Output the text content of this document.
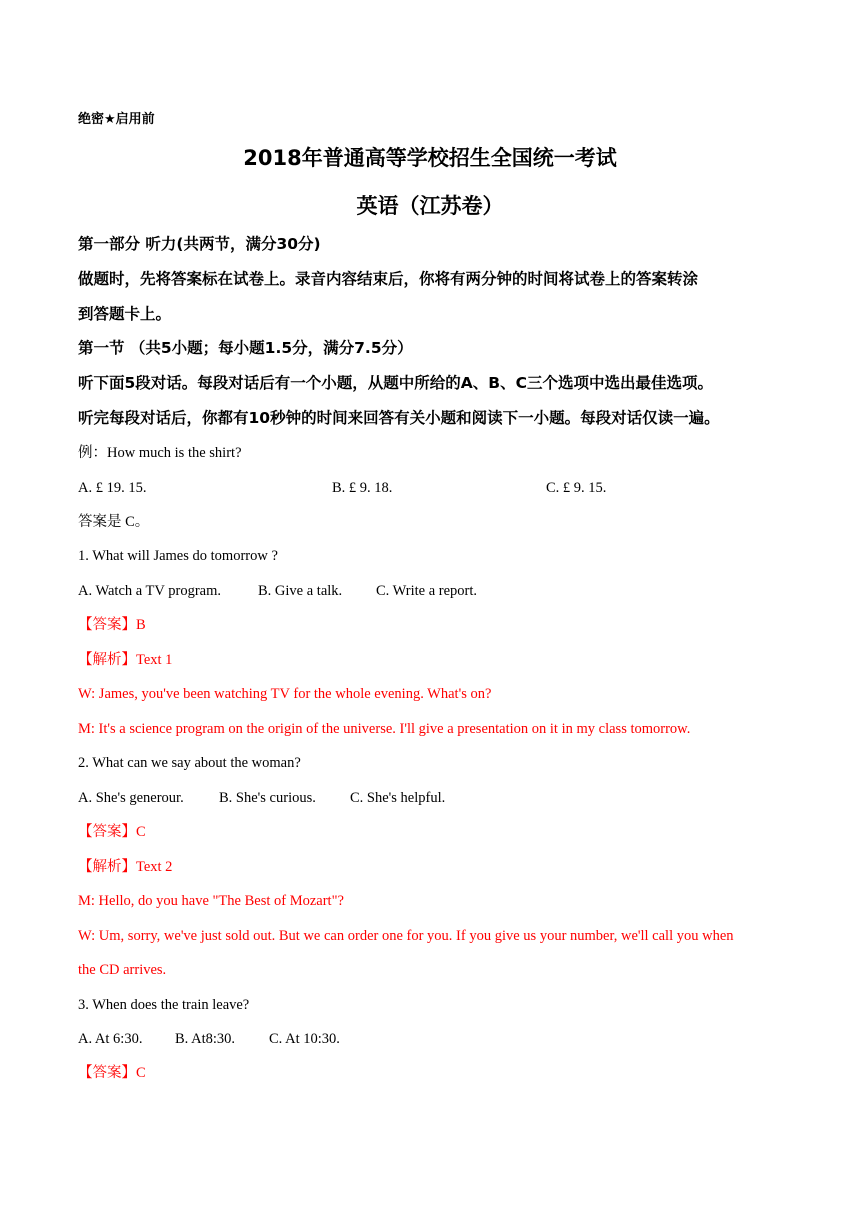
绝密★启用前
2018年普通高等学校招生全国统一考试
英语（江苏卷）
第一部分 听力(共两节，满分30分)
做题时，先将答案标在试卷上。录音内容结束后，你将有两分钟的时间将试卷上的答案转涂
到答题卡上。
第一节 （共5小题；每小题1.5分，满分7.5分）
听下面5段对话。每段对话后有一个小题，从题中所给的A、B、C三个选项中选出最佳选项。
听完每段对话后，你都有10秒钟的时间来回答有关小题和阅读下一小题。每段对话仅读一遍。
例：How much is the shirt?
A. £ 19. 15.	B. £ 9. 18.	C. £ 9. 15.
答案是 C。
1. What will James do tomorrow ?
A. Watch a TV program.	B. Give a talk. C. Write a report.
【答案】B
【解析】Text 1
W: James, you've been watching TV for the whole evening. What's on?
M: It's a science program on the origin of the universe. I'll give a presentation on it in my class tomorrow.
2. What can we say about the woman?
A. She's generour. B. She's curious. C. She's helpful.
【答案】C
【解析】Text 2
M: Hello, do you have "The Best of Mozart"?
W: Um, sorry, we've just sold out. But we can order one for you. If you give us your number, we'll call you when
the CD arrives.
3. When does the train leave?
A. At 6:30. B. At8:30. C. At 10:30.
【答案】C
